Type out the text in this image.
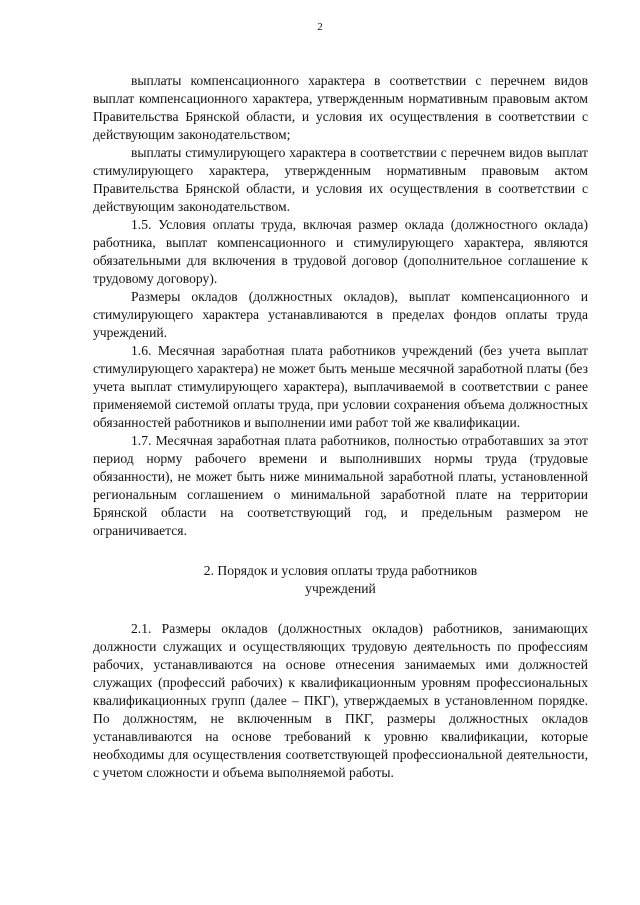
2

выплаты компенсационного характера в соответствии с перечнем видов выплат компенсационного характера, утвержденным нормативным правовым актом Правительства Брянской области, и условия их осуществления в соответствии с действующим законодательством;

выплаты стимулирующего характера в соответствии с перечнем видов выплат стимулирующего характера, утвержденным нормативным правовым актом Правительства Брянской области, и условия их осуществления в соответствии с действующим законодательством.

1.5. Условия оплаты труда, включая размер оклада (должностного оклада) работника, выплат компенсационного и стимулирующего характера, являются обязательными для включения в трудовой договор (дополнительное соглашение к трудовому договору).

Размеры окладов (должностных окладов), выплат компенсационного и стимулирующего характера устанавливаются в пределах фондов оплаты труда учреждений.

1.6. Месячная заработная плата работников учреждений (без учета выплат стимулирующего характера) не может быть меньше месячной заработной платы (без учета выплат стимулирующего характера), выплачиваемой в соответствии с ранее применяемой системой оплаты труда, при условии сохранения объема должностных обязанностей работников и выполнении ими работ той же квалификации.

1.7. Месячная заработная плата работников, полностью отработавших за этот период норму рабочего времени и выполнивших нормы труда (трудовые обязанности), не может быть ниже минимальной заработной платы, установленной региональным соглашением о минимальной заработной плате на территории Брянской области на соответствующий год, и предельным размером не ограничивается.

2. Порядок и условия оплаты труда работников
учреждений

2.1. Размеры окладов (должностных окладов) работников, занимающих должности служащих и осуществляющих трудовую деятельность по профессиям рабочих, устанавливаются на основе отнесения занимаемых ими должностей служащих (профессий рабочих) к квалификационным уровням профессиональных квалификационных групп (далее – ПКГ), утверждаемых в установленном порядке. По должностям, не включенным в ПКГ, размеры должностных окладов устанавливаются на основе требований к уровню квалификации, которые необходимы для осуществления соответствующей профессиональной деятельности, с учетом сложности и объема выполняемой работы.
